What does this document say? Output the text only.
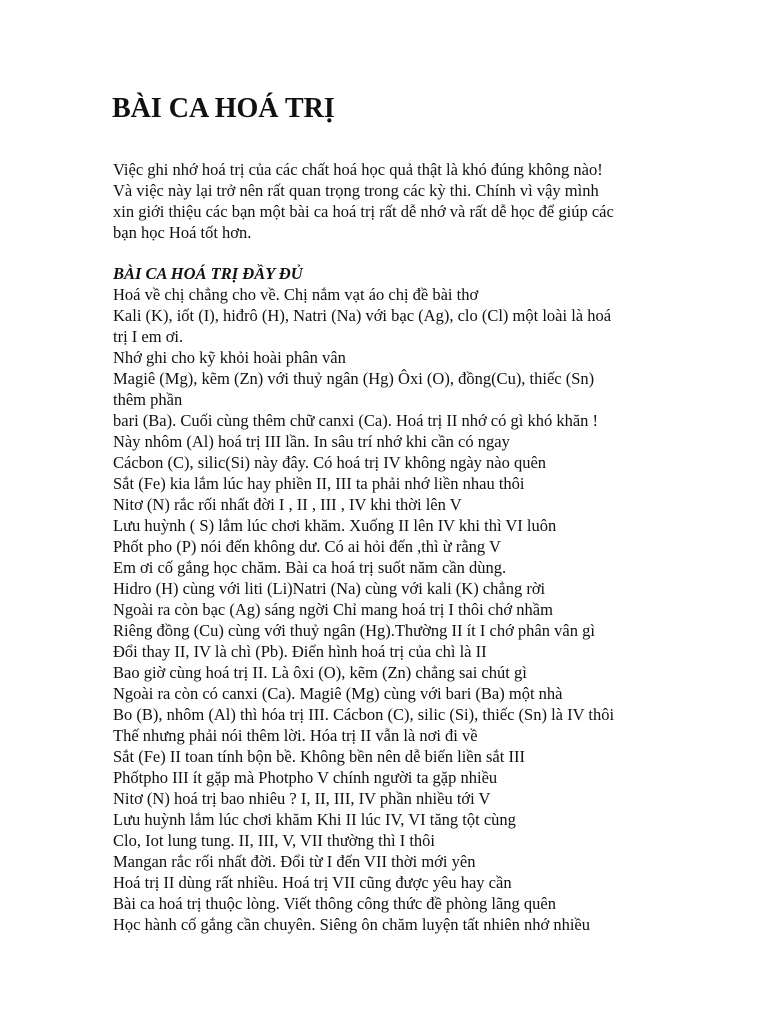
BÀI CA HOÁ TRỊ
Việc ghi nhớ hoá trị của các chất hoá học quả thật là khó đúng không nào!
Và việc này lại trở nên rất quan trọng trong các kỳ thi. Chính vì vậy mình
xin giới thiệu các bạn một bài ca hoá trị rất dễ nhớ và rất dễ học để giúp các
bạn học Hoá tốt hơn.
BÀI CA HOÁ TRỊ ĐẦY ĐỦ
Hoá về chị chẳng cho về. Chị nắm vạt áo chị đề bài thơ
Kali (K), iốt (I), hiđrô (H), Natri (Na) với bạc (Ag), clo (Cl) một loài là hoá
trị I em ơi.
Nhớ ghi cho kỹ khỏi hoài phân vân
Magiê (Mg), kẽm (Zn) với thuỷ ngân (Hg) Ôxi (O), đồng(Cu), thiếc (Sn)
thêm phần
bari (Ba). Cuối cùng thêm chữ canxi (Ca). Hoá trị II nhớ có gì khó khăn !
Này nhôm (Al) hoá trị III lần. In sâu trí nhớ khi cần có ngay
Cácbon (C), silic(Si) này đây. Có hoá trị IV không ngày nào quên
Sắt (Fe) kia lắm lúc hay phiền II, III ta phải nhớ liền nhau thôi
Nitơ (N) rắc rối nhất đời I , II , III , IV khi thời lên V
Lưu huỳnh ( S) lắm lúc chơi khăm. Xuống II lên IV khi thì VI luôn
Phốt pho (P) nói đến không dư. Có ai hỏi đến ,thì ừ rằng V
Em ơi cố gắng học chăm. Bài ca hoá trị suốt năm cần dùng.
Hidro (H) cùng với liti (Li)Natri (Na) cùng với kali (K) chẳng rời
Ngoài ra còn bạc (Ag) sáng ngời Chỉ mang hoá trị I thôi chớ nhầm
Riêng đồng (Cu) cùng với thuỷ ngân (Hg).Thường II ít I chớ phân vân gì
Đổi thay II, IV là chì (Pb). Điển hình hoá trị của chì là II
Bao giờ cùng hoá trị II. Là ôxi (O), kẽm (Zn) chẳng sai chút gì
Ngoài ra còn có canxi (Ca). Magiê (Mg) cùng với bari (Ba) một nhà
Bo (B), nhôm (Al) thì hóa trị III. Cácbon (C), silic (Si), thiếc (Sn) là IV thôi
Thế nhưng phải nói thêm lời. Hóa trị II vẫn là nơi đi về
Sắt (Fe) II toan tính bộn bề. Không bền nên dễ biến liền sắt III
Phốtpho III ít gặp mà Photpho V chính người ta gặp nhiều
Nitơ (N) hoá trị bao nhiêu ? I, II, III, IV phần nhiều tới V
Lưu huỳnh lắm lúc chơi khăm Khi II lúc IV, VI tăng tột cùng
Clo, Iot lung tung. II, III, V, VII thường thì I thôi
Mangan rắc rối nhất đời. Đổi từ I đến VII thời mới yên
Hoá trị II dùng rất nhiều. Hoá trị VII cũng được yêu hay cần
Bài ca hoá trị thuộc lòng. Viết thông công thức đề phòng lãng quên
Học hành cố gắng cần chuyên. Siêng ôn chăm luyện tất nhiên nhớ nhiều
